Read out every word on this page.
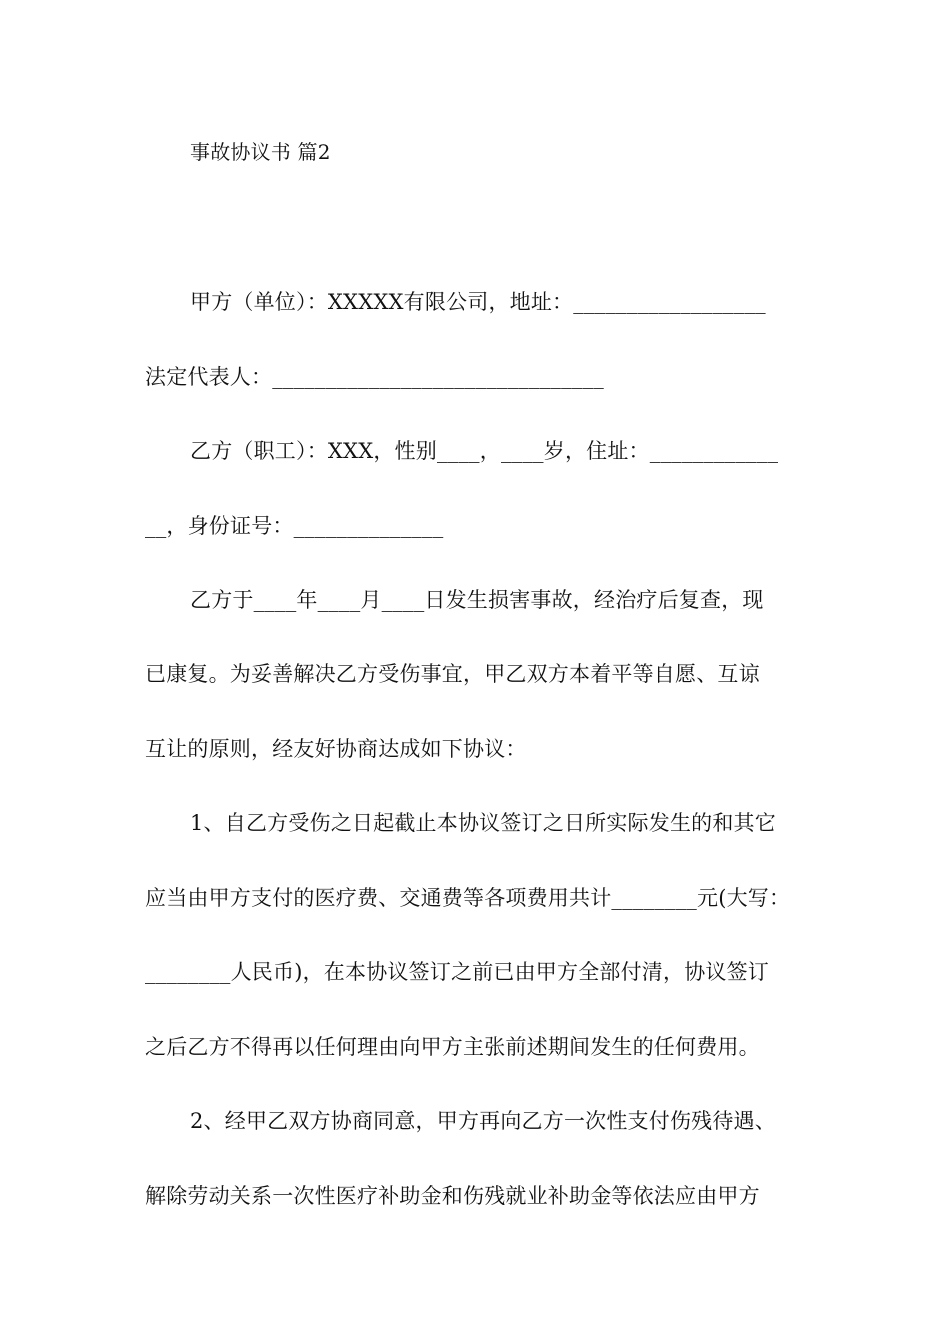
事故协议书 篇2
甲方（单位）：XXXXX有限公司，地址：__________________
法定代表人：_______________________________
乙方（职工）：XXX，性别____，____岁，住址：____________
__，身份证号：______________
乙方于____年____月____日发生损害事故，经治疗后复查，现
已康复。为妥善解决乙方受伤事宜，甲乙双方本着平等自愿、互谅
互让的原则，经友好协商达成如下协议：
1、自乙方受伤之日起截止本协议签订之日所实际发生的和其它
应当由甲方支付的医疗费、交通费等各项费用共计________元(大写：
________人民币)，在本协议签订之前已由甲方全部付清，协议签订
之后乙方不得再以任何理由向甲方主张前述期间发生的任何费用。
2、经甲乙双方协商同意，甲方再向乙方一次性支付伤残待遇、
解除劳动关系一次性医疗补助金和伤残就业补助金等依法应由甲方
